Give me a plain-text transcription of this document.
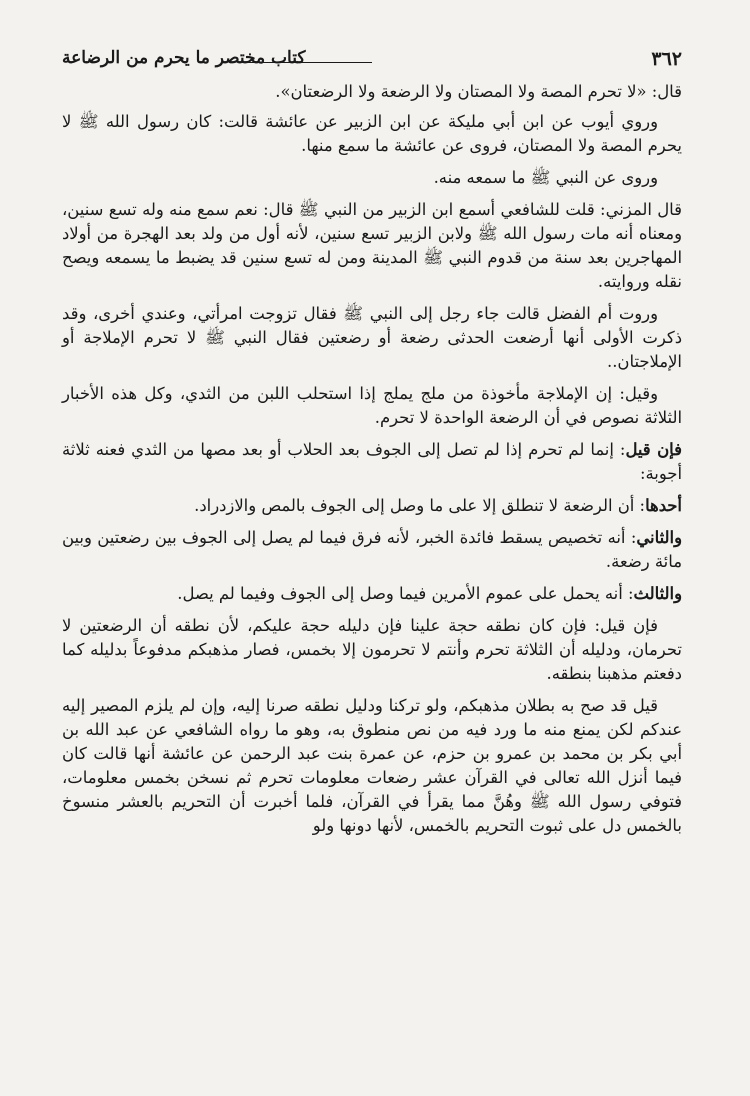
٣٦٢
كتاب مختصر ما يحرم من الرضاعة

قال: «لا تحرم المصة ولا المصتان ولا الرضعة ولا الرضعتان».

وروي أيوب عن ابن أبي مليكة عن ابن الزبير عن عائشة قالت: كان رسول الله ﷺ لا يحرم المصة ولا المصتان، فروى عن عائشة ما سمع منها.

وروى عن النبي ﷺ ما سمعه منه.

قال المزني: قلت للشافعي أسمع ابن الزبير من النبي ﷺ قال: نعم سمع منه وله تسع سنين، ومعناه أنه مات رسول الله ﷺ ولابن الزبير تسع سنين، لأنه أول من ولد بعد الهجرة من أولاد المهاجرين بعد سنة من قدوم النبي ﷺ المدينة ومن له تسع سنين قد يضبط ما يسمعه ويصح نقله وروايته.

وروت أم الفضل قالت جاء رجل إلى النبي ﷺ فقال تزوجت امرأتي، وعندي أخرى، وقد ذكرت الأولى أنها أرضعت الحدثى رضعة أو رضعتين فقال النبي ﷺ لا تحرم الإملاجة أو الإملاجتان..

وقيل: إن الإملاجة مأخوذة من ملج يملج إذا استحلب اللبن من الثدي، وكل هذه الأخبار الثلاثة نصوص في أن الرضعة الواحدة لا تحرم.

فإن قيل: إنما لم تحرم إذا لم تصل إلى الجوف بعد الحلاب أو بعد مصها من الثدي فعنه ثلاثة أجوبة:

أحدها: أن الرضعة لا تنطلق إلا على ما وصل إلى الجوف بالمص والازدراد.

والثاني: أنه تخصيص يسقط فائدة الخبر، لأنه فرق فيما لم يصل إلى الجوف بين رضعتين وبين مائة رضعة.

والثالث: أنه يحمل على عموم الأمرين فيما وصل إلى الجوف وفيما لم يصل.

فإن قيل: فإن كان نطقه حجة علينا فإن دليله حجة عليكم، لأن نطقه أن الرضعتين لا تحرمان، ودليله أن الثلاثة تحرم وأنتم لا تحرمون إلا بخمس، فصار مذهبكم مدفوعاً بدليله كما دفعتم مذهبنا بنطقه.

قيل قد صح به بطلان مذهبكم، ولو تركنا ودليل نطقه صرنا إليه، وإن لم يلزم المصير إليه عندكم لكن يمنع منه ما ورد فيه من نص منطوق به، وهو ما رواه الشافعي عن عبد الله بن أبي بكر بن محمد بن عمرو بن حزم، عن عمرة بنت عبد الرحمن عن عائشة أنها قالت كان فيما أنزل الله تعالى في القرآن عشر رضعات معلومات تحرم ثم نسخن بخمس معلومات، فتوفي رسول الله ﷺ وهُنَّ مما يقرأ في القرآن، فلما أخبرت أن التحريم بالعشر منسوخ بالخمس دل على ثبوت التحريم بالخمس، لأنها دونها ولو
